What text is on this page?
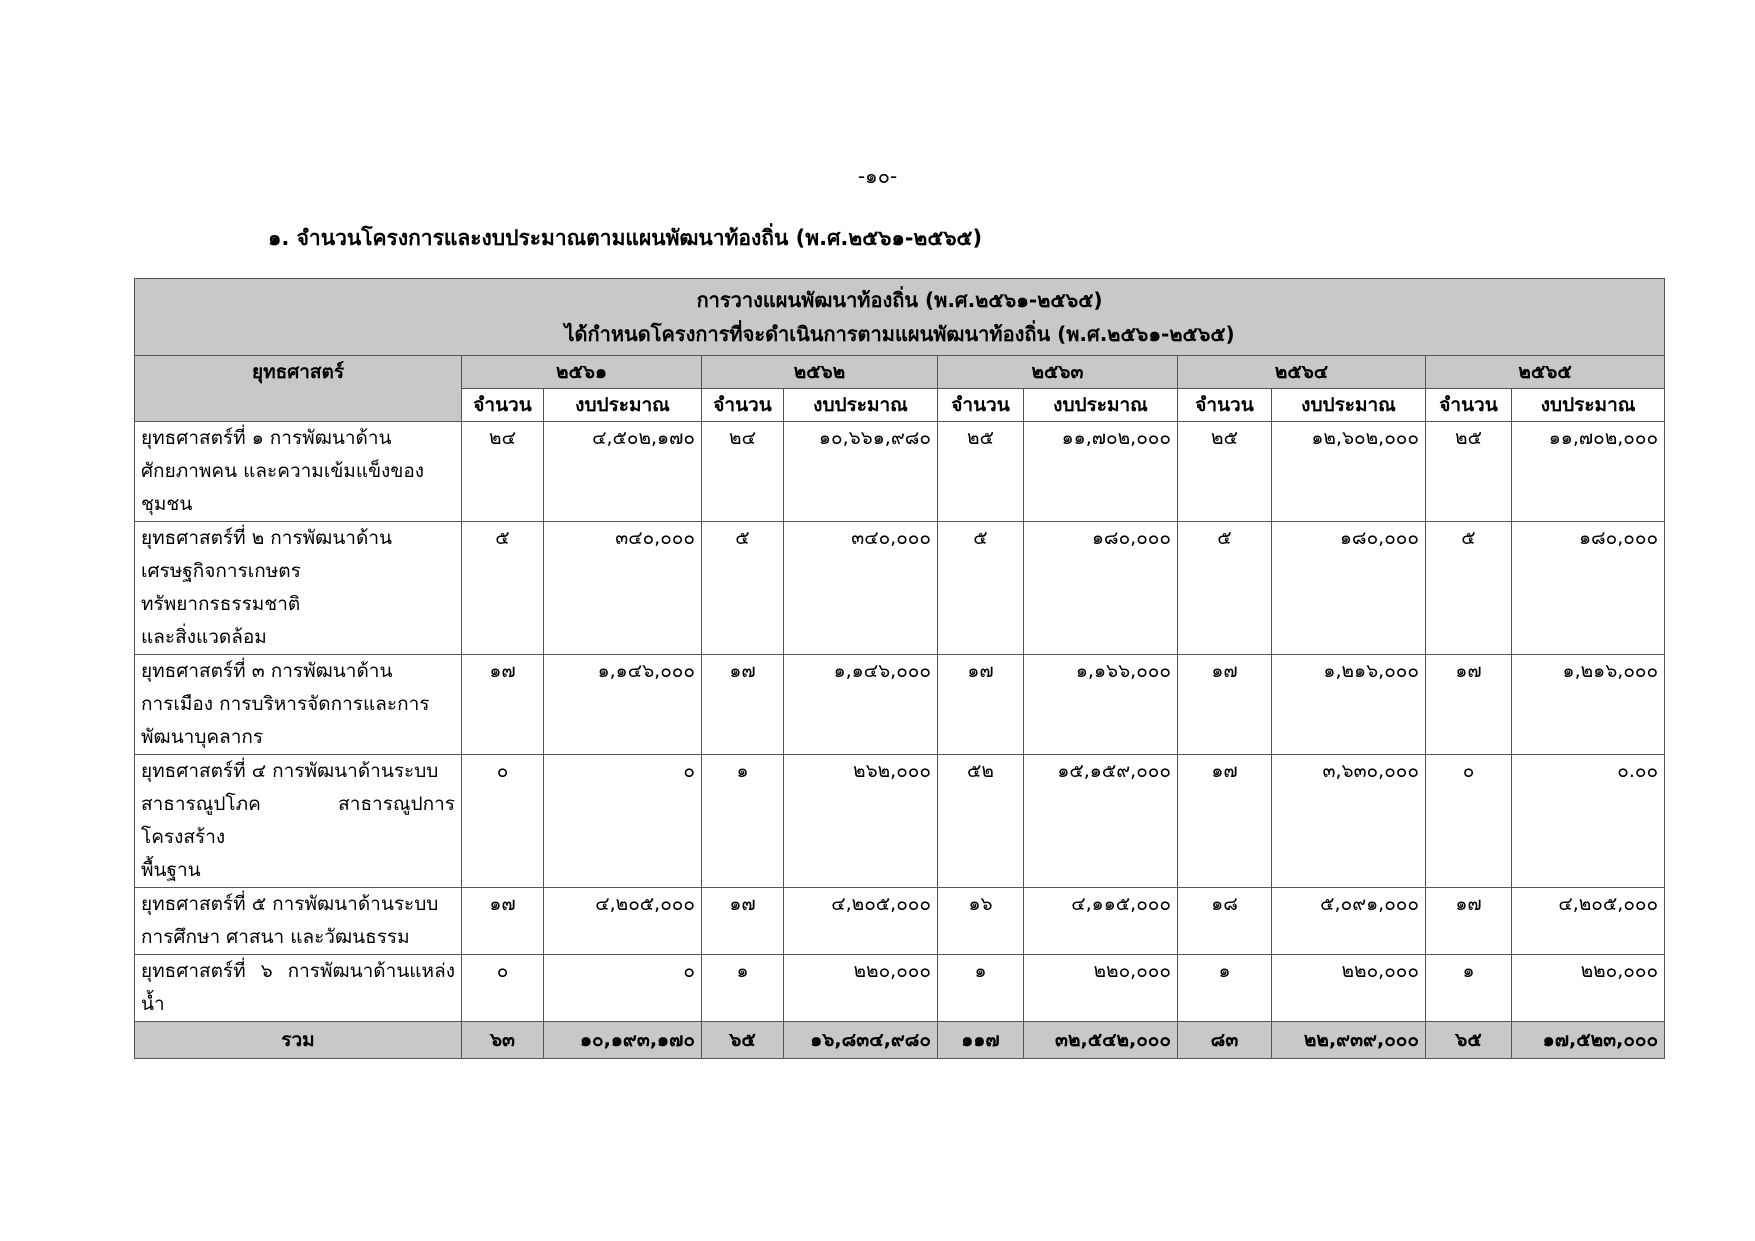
-๑๐-
๑. จำนวนโครงการและงบประมาณตามแผนพัฒนาท้องถิ่น (พ.ศ.๒๕๖๑-๒๕๖๕)
การวางแผนพัฒนาท้องถิ่น (พ.ศ.๒๕๖๑-๒๕๖๕)
ได้กำหนดโครงการที่จะดำเนินการตามแผนพัฒนาท้องถิ่น (พ.ศ.๒๕๖๑-๒๕๖๕)										

ยุทธศาสตร์	๒๕๖๑		๒๕๖๒		๒๕๖๓		๒๕๖๔		๒๕๖๕	
	จำนวน	งบประมาณ	จำนวน	งบประมาณ	จำนวน	งบประมาณ	จำนวน	งบประมาณ	จำนวน	งบประมาณ

ยุทธศาสตร์ที่ ๑ การพัฒนาด้าน
ศักยภาพคน และความเข้มแข็งของ
ชุมชน	๒๔	๔,๕๐๒,๑๗๐	๒๔	๑๐,๖๖๑,๙๘๐	๒๕	๑๑,๗๐๒,๐๐๐	๒๕	๑๒,๖๐๒,๐๐๐	๒๕	๑๑,๗๐๒,๐๐๐

ยุทธศาสตร์ที่ ๒ การพัฒนาด้าน
เศรษฐกิจการเกษตรทรัพยากรธรรมชาติ
และสิ่งแวดล้อม	๕	๓๔๐,๐๐๐	๕	๓๔๐,๐๐๐	๕	๑๘๐,๐๐๐	๕	๑๘๐,๐๐๐	๕	๑๘๐,๐๐๐

ยุทธศาสตร์ที่ ๓ การพัฒนาด้าน
การเมือง การบริหารจัดการและการ
พัฒนาบุคลากร	๑๗	๑,๑๔๖,๐๐๐	๑๗	๑,๑๔๖,๐๐๐	๑๗	๑,๑๖๖,๐๐๐	๑๗	๑,๒๑๖,๐๐๐	๑๗	๑,๒๑๖,๐๐๐

ยุทธศาสตร์ที่ ๔ การพัฒนาด้านระบบ
สาธารณูปโภค สาธารณูปการ โครงสร้าง
พื้นฐาน	๐	๐	๑	๒๖๒,๐๐๐	๕๒	๑๕,๑๕๙,๐๐๐	๑๗	๓,๖๓๐,๐๐๐	๐	๐.๐๐

ยุทธศาสตร์ที่ ๕ การพัฒนาด้านระบบ
การศึกษา ศาสนา และวัฒนธรรม	๑๗	๔,๒๐๕,๐๐๐	๑๗	๔,๒๐๕,๐๐๐	๑๖	๔,๑๑๕,๐๐๐	๑๘	๕,๐๙๑,๐๐๐	๑๗	๔,๒๐๕,๐๐๐

ยุทธศาสตร์ที่ ๖ การพัฒนาด้านแหล่งน้ำ	๐	๐	๑	๒๒๐,๐๐๐	๑	๒๒๐,๐๐๐	๑	๒๒๐,๐๐๐	๑	๒๒๐,๐๐๐
รวม	๖๓	๑๐,๑๙๓,๑๗๐	๖๕	๑๖,๘๓๔,๙๘๐	๑๑๗	๓๒,๕๔๒,๐๐๐	๘๓	๒๒,๙๓๙,๐๐๐	๖๕	๑๗,๕๒๓,๐๐๐
